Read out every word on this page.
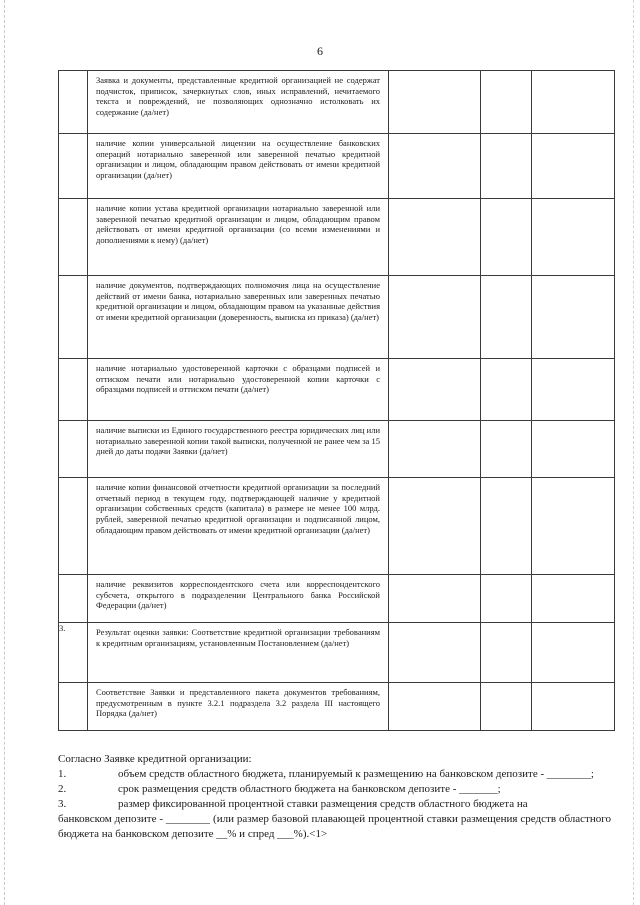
6

	Заявка и документы, представленные кредитной организацией не содержат подчисток, приписок, зачеркнутых слов, иных исправлений, нечитаемого текста и повреждений, не позволяющих однозначно истолковать их содержание (да/нет)			

	наличие копии универсальной лицензии на осуществление банковских операций нотариально заверенной или заверенной печатью кредитной организации и лицом, обладающим правом действовать от имени кредитной организации (да/нет)			

	наличие копии устава кредитной организации нотариально заверенной или заверенной печатью кредитной организации и лицом, обладающим правом действовать от имени кредитной организации (со всеми изменениями и дополнениями к нему) (да/нет)			

	наличие документов, подтверждающих полномочия лица на осуществление действий от имени банка, нотариально заверенных или заверенных печатью кредитной организации и лицом, обладающим правом на указанные действия от имени кредитной организации (доверенность, выписка из приказа) (да/нет)			

	наличие нотариально удостоверенной карточки с образцами подписей и оттиском печати или нотариально удостоверенной копии карточки с образцами подписей и оттиском печати (да/нет)			

	наличие выписки из Единого государственного реестра юридических лиц или нотариально заверенной копии такой выписки, полученной не ранее чем за 15 дней до даты подачи Заявки (да/нет)			

	наличие копии финансовой отчетности кредитной организации за последний отчетный период в текущем году, подтверждающей наличие у кредитной организации собственных средств (капитала) в размере не менее 100 млрд. рублей, заверенной печатью кредитной организации и подписанной лицом, обладающим правом действовать от имени кредитной организации (да/нет)			

	наличие реквизитов корреспондентского счета или корреспондентского субсчета, открытого в подразделении Центрального банка Российской Федерации (да/нет)			

3.	Результат оценки заявки: Соответствие кредитной организации требованиям к кредитным организациям, установленным Постановлением (да/нет)			

	Соответствие Заявки и представленного пакета документов требованиям, предусмотренным в пункте 3.2.1 подраздела 3.2 раздела III настоящего Порядка (да/нет)			

Согласно Заявке кредитной организации:

1.	объем средств областного бюджета, планируемый к размещению на банковском депозите - ________;
2.	срок размещения средств областного бюджета на банковском депозите - _______;
3.	размер фиксированной процентной ставки размещения средств областного бюджета на

банковском депозите - ________ (или размер базовой плавающей процентной ставки размещения средств областного бюджета на банковском депозите __% и спред ___%).<1>
